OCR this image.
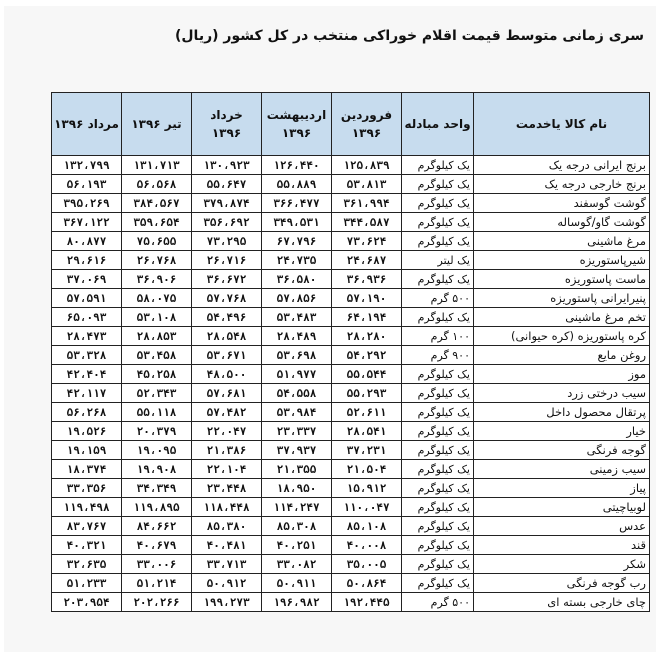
سری زمانی متوسط قیمت اقلام خوراکی منتخب در کل کشور (ریال)
نام کالا یاخدمت	واحد مبادله	فروردین ۱۳۹۶	اردیبهشت ۱۳۹۶	خرداد ۱۳۹۶	تیر ۱۳۹۶	مرداد ۱۳۹۶
برنج ایرانی درجه یک	یک کیلوگرم	۱۲۵،۸۳۹	۱۲۶،۴۴۰	۱۳۰،۹۲۳	۱۳۱،۷۱۳	۱۳۲،۷۹۹
برنج خارجی درجه یک	یک کیلوگرم	۵۳،۸۱۳	۵۵،۸۸۹	۵۵،۶۴۷	۵۶،۵۶۸	۵۶،۱۹۳
گوشت گوسفند	یک کیلوگرم	۳۶۱،۹۹۴	۳۶۶،۴۷۷	۳۷۹،۸۷۴	۳۸۴،۵۶۷	۳۹۵،۲۶۹
گوشت گاو/گوساله	یک کیلوگرم	۳۴۴،۵۸۷	۳۴۹،۵۳۱	۳۵۶،۶۹۲	۳۵۹،۶۵۴	۳۶۷،۱۲۲
مرغ ماشینی	یک کیلوگرم	۷۳،۶۲۴	۶۷،۷۹۶	۷۳،۲۹۵	۷۵،۶۵۵	۸۰،۸۷۷
شیرپاستوریزه	یک لیتر	۲۴،۶۸۷	۲۴،۷۳۵	۲۶،۷۱۶	۲۶،۷۶۸	۲۹،۶۱۶
ماست پاستوریزه	یک کیلوگرم	۳۶،۹۳۶	۳۶،۵۸۰	۳۶،۶۷۲	۳۶،۹۰۶	۳۷،۰۶۹
پنیرایرانی پاستوریزه	۵۰۰ گرم	۵۷،۱۹۰	۵۷،۸۵۶	۵۷،۷۶۸	۵۸،۰۷۵	۵۷،۵۹۱
تخم مرغ ماشینی	یک کیلوگرم	۶۴،۱۹۴	۵۳،۴۸۳	۵۴،۴۹۶	۵۳،۱۰۸	۶۵،۰۹۳
کره پاستوریزه (کره حیوانی)	۱۰۰ گرم	۲۸،۲۸۰	۲۸،۴۸۹	۲۸،۵۴۸	۲۸،۸۵۳	۲۸،۴۷۳
روغن مایع	۹۰۰ گرم	۵۴،۲۹۲	۵۳،۶۹۸	۵۳،۶۷۱	۵۳،۴۵۸	۵۳،۳۲۸
موز	یک کیلوگرم	۵۵،۵۴۴	۵۱،۹۷۷	۴۸،۵۰۰	۴۵،۲۵۸	۴۲،۴۰۴
سیب درختی زرد	یک کیلوگرم	۵۵،۲۹۳	۵۴،۵۵۸	۵۷،۶۸۱	۵۲،۳۴۳	۴۲،۱۱۷
پرتقال محصول داخل	یک کیلوگرم	۵۲،۶۱۱	۵۳،۹۸۴	۵۷،۴۸۲	۵۵،۱۱۸	۵۶،۲۶۸
خیار	یک کیلوگرم	۲۸،۵۴۱	۲۳،۳۳۷	۲۲،۰۴۷	۲۰،۳۷۹	۱۹،۵۲۶
گوجه فرنگی	یک کیلوگرم	۳۷،۲۳۱	۳۷،۹۳۷	۲۱،۳۸۶	۱۹،۰۹۵	۱۹،۱۵۹
سیب زمینی	یک کیلوگرم	۲۱،۵۰۴	۲۱،۳۵۵	۲۲،۱۰۴	۱۹،۹۰۸	۱۸،۳۷۴
پیاز	یک کیلوگرم	۱۵،۹۱۲	۱۸،۹۵۰	۲۳،۴۴۸	۳۴،۳۴۹	۳۳،۳۵۶
لوبیاچیتی	یک کیلوگرم	۱۱۰،۰۴۷	۱۱۴،۲۴۷	۱۱۸،۴۴۸	۱۱۹،۸۹۵	۱۱۹،۴۹۸
عدس	یک کیلوگرم	۸۵،۱۰۸	۸۵،۳۰۸	۸۵،۳۸۰	۸۴،۶۶۲	۸۳،۷۶۷
قند	یک کیلوگرم	۴۰،۰۰۸	۴۰،۲۵۱	۴۰،۴۸۱	۴۰،۶۷۹	۴۰،۳۲۱
شکر	یک کیلوگرم	۳۵،۰۰۵	۳۳،۰۸۲	۳۳،۷۱۳	۳۳،۰۰۶	۳۲،۶۳۵
رب گوجه فرنگی	یک کیلوگرم	۵۰،۸۶۴	۵۰،۹۱۱	۵۰،۹۱۲	۵۱،۲۱۴	۵۱،۲۳۳
چای خارجی بسته ای	۵۰۰ گرم	۱۹۲،۴۴۵	۱۹۶،۹۸۲	۱۹۹،۲۷۳	۲۰۲،۲۶۶	۲۰۳،۹۵۴
